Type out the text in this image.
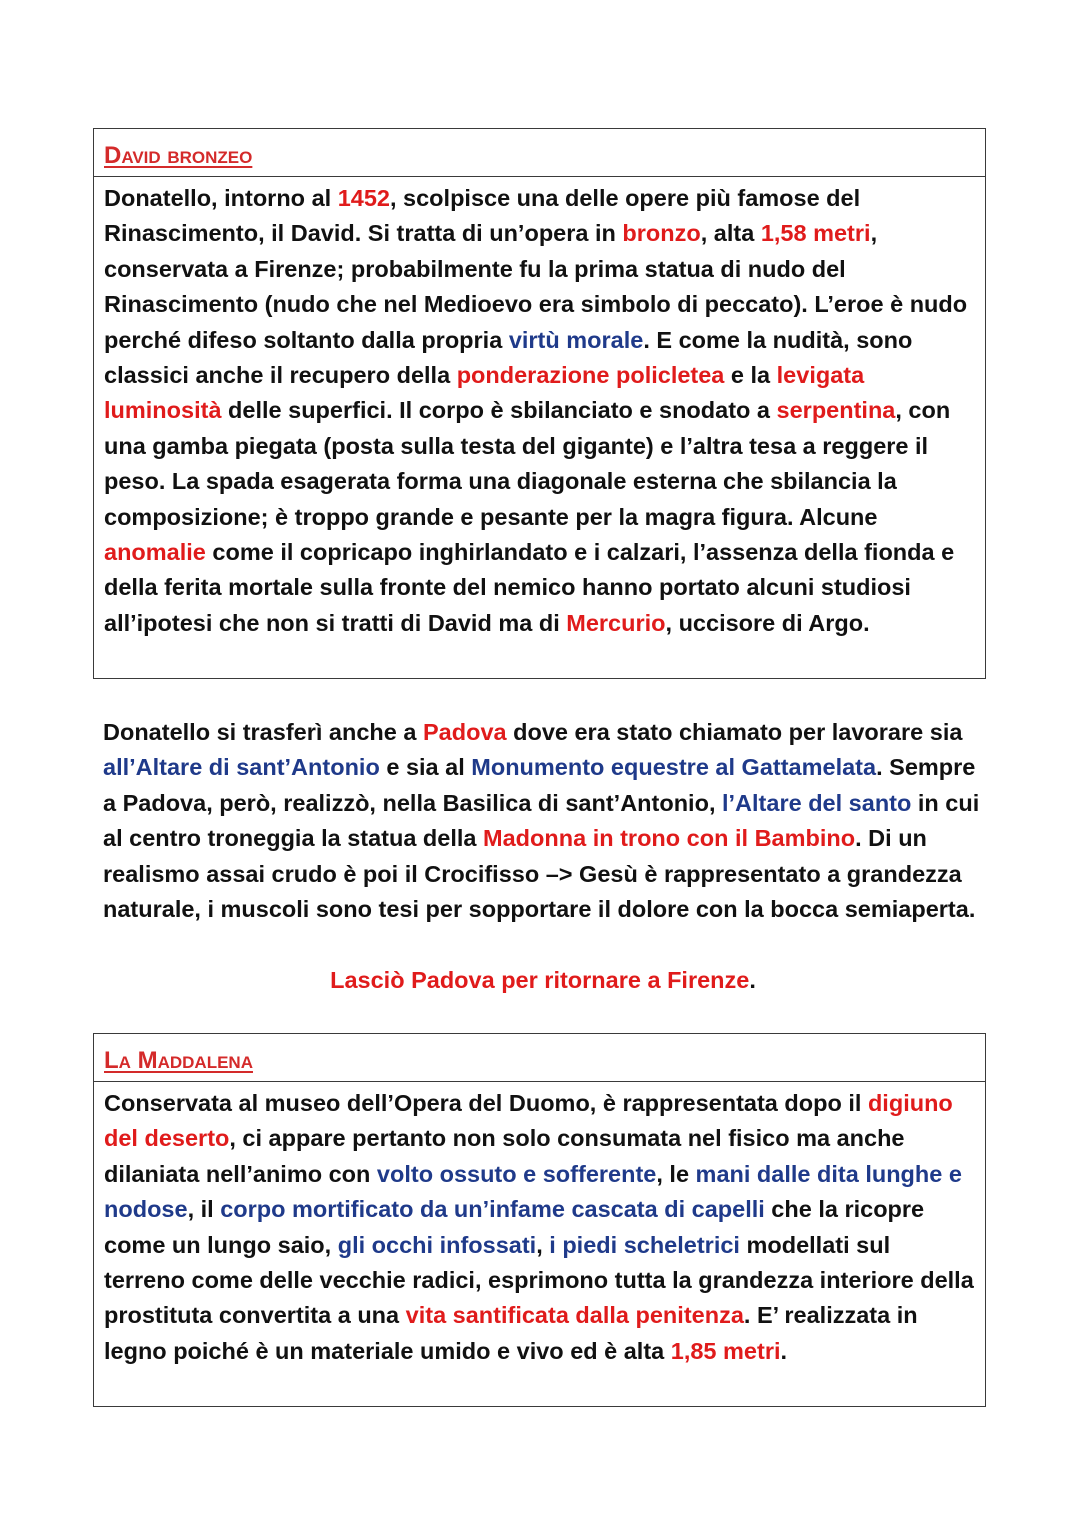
David bronzeo
Donatello, intorno al 1452, scolpisce una delle opere più famose del Rinascimento, il David. Si tratta di un’opera in bronzo, alta 1,58 metri, conservata a Firenze; probabilmente fu la prima statua di nudo del Rinascimento (nudo che nel Medioevo era simbolo di peccato). L’eroe è nudo perché difeso soltanto dalla propria virtù morale. E come la nudità, sono classici anche il recupero della ponderazione policletea e la levigata luminosità delle superfici. Il corpo è sbilanciato e snodato a serpentina, con una gamba piegata (posta sulla testa del gigante) e l’altra tesa a reggere il peso. La spada esagerata forma una diagonale esterna che sbilancia la composizione; è troppo grande e pesante per la magra figura. Alcune anomalie come il copricapo inghirlandato e i calzari, l’assenza della fionda e della ferita mortale sulla fronte del nemico hanno portato alcuni studiosi all’ipotesi che non si tratti di David ma di Mercurio, uccisore di Argo.
Donatello si trasferì anche a Padova dove era stato chiamato per lavorare sia all’Altare di sant’Antonio e sia al Monumento equestre al Gattamelata. Sempre a Padova, però, realizzò, nella Basilica di sant’Antonio, l’Altare del santo in cui al centro troneggia la statua della Madonna in trono con il Bambino. Di un realismo assai crudo è poi il Crocifisso –> Gesù è rappresentato a grandezza naturale, i muscoli sono tesi per sopportare il dolore con la bocca semiaperta.
Lasciò Padova per ritornare a Firenze.
La Maddalena
Conservata al museo dell’Opera del Duomo, è rappresentata dopo il digiuno del deserto, ci appare pertanto non solo consumata nel fisico ma anche dilaniata nell’animo con volto ossuto e sofferente, le mani dalle dita lunghe e nodose, il corpo mortificato da un’infame cascata di capelli che la ricopre come un lungo saio, gli occhi infossati, i piedi scheletrici modellati sul terreno come delle vecchie radici, esprimono tutta la grandezza interiore della prostituta convertita a una vita santificata dalla penitenza. E’ realizzata in legno poiché è un materiale umido e vivo ed è alta 1,85 metri.
